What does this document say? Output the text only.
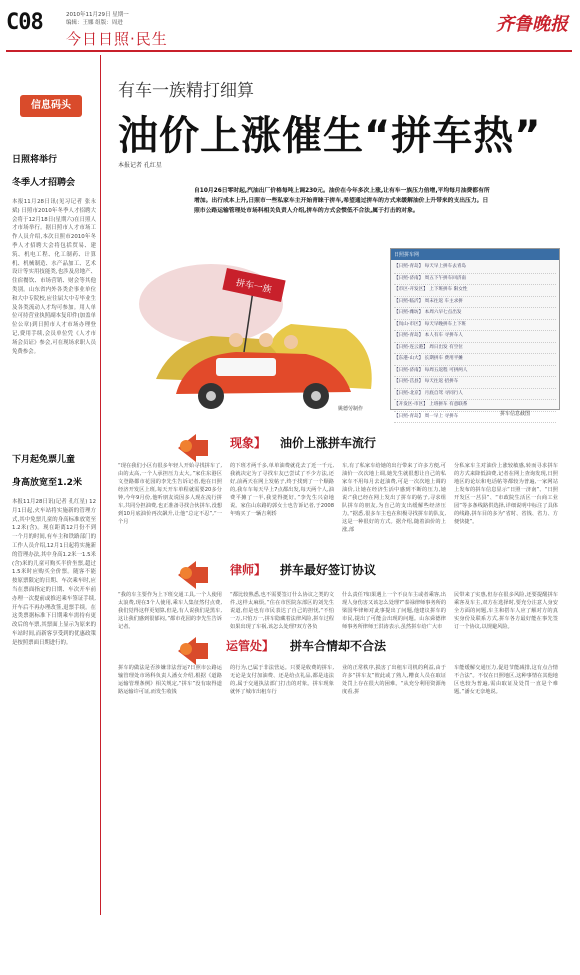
C08	2010年11月29日 星期一
编辑：王娜 组版：周进
今日日照·民生
齐鲁晚报
信息码头
日照将举行
冬季人才招聘会
本报11月28日讯(见习记者 张永斌) 日照市2010年冬季人才招聘大会将于12月18日(星期六)在日照人才市场举行。据日照市人才市场工作人员介绍,本次日照市2010年冬季人才招聘大会将包括贸易、建筑、机电工程、化工制药、计算机、机械制造、水产品加工、艺术设计等实用技能类,也涉及房地产、住宿餐饮、市场营销、财会等其他类别。山东省内外各类企事业单位和大中专院校,应往届大中专毕业生及各类流动人才均可参加。用人单位可持营业执照副本复印件(加盖单位公章)到日照市人才市场办理登记,费用手续,会员单位凭《人才市场会员证》参会,可在现场求职人员免费参会。
下月起免票儿童
身高放宽至1.2米
本报11月28日讯(记者 孔红星) 12月1日起,火车站将实施新的管理方式,其中免票儿童的身高标准放宽至1.2米(含)。现在距离12月份不到一个月的时间,有车主和铁路部门的工作人员介绍,12月1日起将实施新的管理办法,其中身高1.2米一1.5米(含)米的儿童可购买半价坐票,超过1.5米时应购买全价票。随客不能按原票限定的日期、车次乘车时,应当在票面指定的日期、车次开车前办理一次提前或推迟乘车签证手续,开车后不再办理改签,退票手续。在这类票据标准下日期乘车需持有更改后的车票,其票面上显示为原来的车站时间,而新客享受到的优惠政策是按照票面日期进行的。
有车一族精打细算
油价上涨催生“拼车热”
本报记者 孔红星
自10月26日零时起,汽油出厂价格每吨上调230元。油价在今年多次上涨,让有车一族压力倍增,平均每月油费都有所增加。出行成本上升,日照市一些私家车主开始青睐于拼车,希望通过拼车的方式来缓解油价上升带来的支出压力。日照市公路运输管理处市场科相关负责人介绍,拼车的方式会惯低不合法,属于打击的对象。
拼车一族
姚德劳制作
日照拼车网
【日照-青岛】 每天早上拼车去青岛
【日照-济南】 周五下午拼车回济南
【市区-开发区】 上下班拼车 限女性
【日照-临沂】 周末往返 车主求拼
【日照-潍坊】 本周六早七点出发
【岚山-市区】 每天早晚拼车上下班
【日照-青岛】 本人有车 寻拼车人
【日照-连云港】 周日出发 有空位
【东港-山大】 长期拼车 费用平摊
【日照-济南】 每周五返程 可拼两人
【日照-莒县】 每天往返 招拼车
【日照-北京】 月底自驾 寻同行人
【开发区-市区】 上班拼车 有意联系
【日照-青岛】 周一早上 寻拼车	拼车信息截图
现象】 油价上涨拼车流行
“现在我们小区有很多年轻人开始寻找拼车了,由的太高,一个人承担压力太大。”家住东港区文登路都市花园的李先生告诉记者,他在日照经济开发区上班,每天开车单程就需要20多分钟,今年9月份,他听朋友说因多人现在流行拼车,共同分担油费,也正准备寻找合伙拼车,没想到10月底油价再次飙升,让他“总定不忍”,“一个月
的下班才两千多,单单油费就花去了近一千元,我就决定为了寻找车友已尝试了不少方法,还好,前两天在网上发帖子,终于找到了一个顺路的,我车车每天早上7点都出发,每天两个人,油费平摊了一半,我觉得挺好。”李先生兴奋地说。家住山东路的郭女士也告诉记者,于2008年购买了一辆吉利轿
车,有了私家车给她的出行带来了许多方便,可油价一次次地上调,她先生就很想让自己的私家车不用每月去赶油费,可是一次次地上调的油价,让她在经济生活中感到不断的压力,她说:“我已经在网上发出了拼车的帖子,寻求组队拼车的朋友,为自己的支出缓解些经济压力。”据悉,很多车主也在积极寻找拼车的队友,这是一种很好的方式。据介绍,随着油价的上涨,部
分私家车主对油价上涨较敏感,转而寻求拼车的方式来降低油费,记者在网上查询发现,日照地区的论坛和电话帖等都较为普遍,一家网站上发布的拼车信息显示“日照一济南”、“日照开发区一莒县”、“市政院生活区一台商工业园”等多条线路供选择,详细说明中标注了具体的线路,拼车目的多为“省时、省钱、省力、方便快捷”。
律师】 拼车最好签订协议
“我的车主要作为上下班交通工具,一个人使用太浪费,现在3个人使用,乘车人集征然付点费,我们觉得这样更划算,但是,有人说我们是黑车,这让我们感到很郁闷。”都市花园的李先生告诉记者。
“都比较熟悉,也不需要签订什么协议之类的文件,这样太麻烦。”住在市医院东部区的刘先生说道,但是也有市民表达了自己的担忧,“不怕一万,只怕万一,拼车隐藏着法律风险,拼车过程如果出现了车祸,该怎么处理?双方各负
什么责任?如果遇上一个不良车主或者乘客,出现人身伤害又该怎么处理?”泰禄律师事务所的梁国华律师对此事提出了问题,他建议拼车的市民,提出了可能会出现的问题。山东舜德律师事务所律师王洪涛表示,虽然拼车给广大市
民带来了实惠,但存在很多风险,还要提醒拼车乘客及车主,双方在选择时,要充分注意人身安全方面的问题,车主和搭车人应了解对方的真实身份及联系方式,拼车各方最好能在事先签订一个协议,以规避风险。
运管处】 拼车合情却不合法
拼车的做法是否涉嫌非法营运?日照市公路运输管理处市场科负责人潘女介绍,根据《道路运输管理条例》相关规定,“拼车”没有取得道路运输许可证,而发生收钱
的行为,已属于非法营运。只要是收费的拼车,无论是支付加油费、还是给点礼品,都是违法的,属于交通执法部门打击的对象。拼车现象就怀了城市出租车行
业的正常秩序,损害了出租车司机的利益,由于许多“拼车友”彼此或了熟人,糟食人员在取证处罚上存在很大的困难。“从充分利用资源角度看,拼
车能缓解交通压力,促进节能减排,这有点合情不合法”。不仅在日照地区,这种事情在其他地区也较为普遍,需由取证及处罚一直是个难题。”潘女无奈地说。
